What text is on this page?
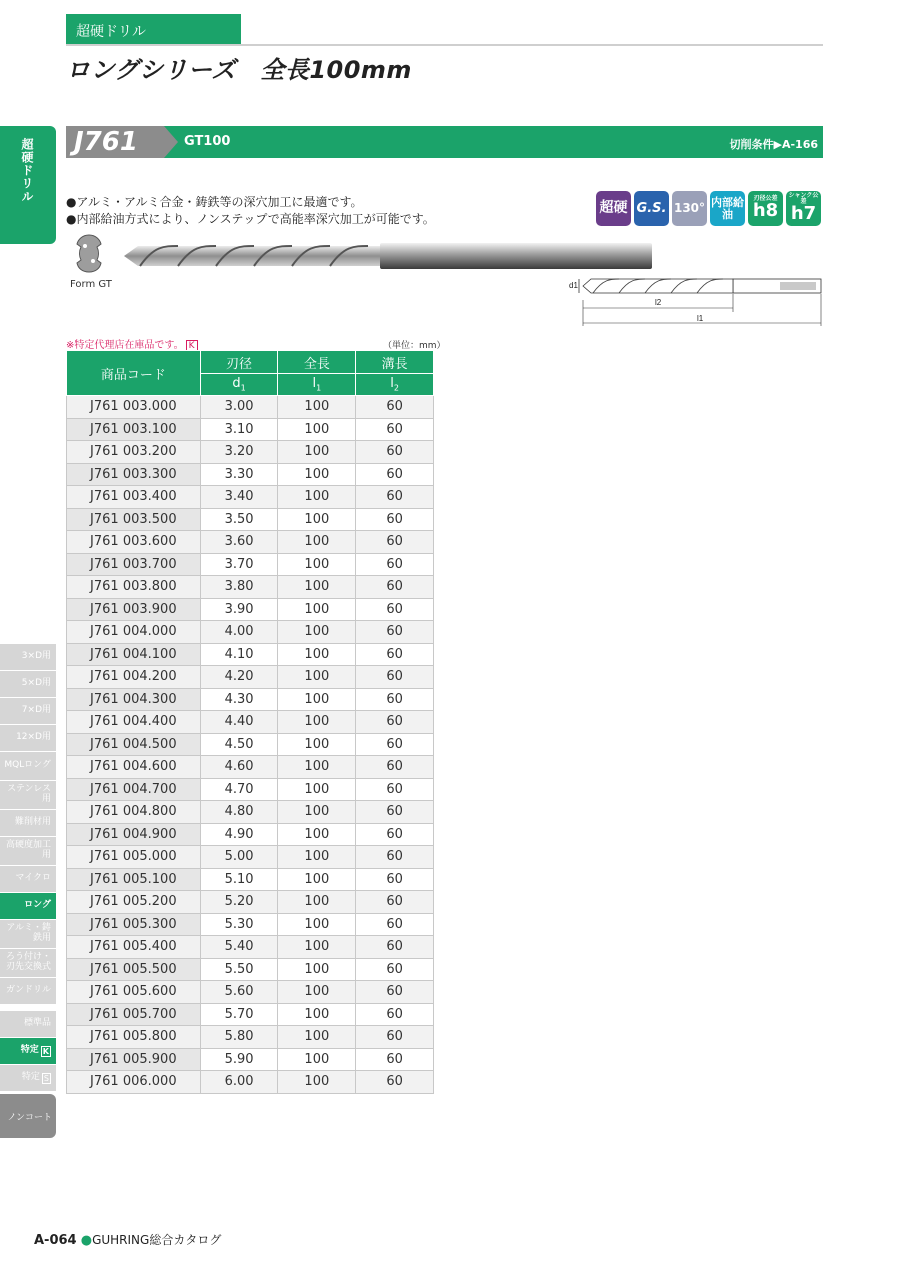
超硬ドリル
ロングシリーズ　全長100mm
超硬ドリル	J761	GT100	切削条件▶A-166
●アルミ・アルミ合金・鋳鉄等の深穴加工に最適です。
●内部給油方式により、ノンステップで高能率深穴加工が可能です。
超硬 G.S. 130° 内部給油
刃径公差
h8
シャンク公差
h7
Form GT	d1
l2
l1
※特定代理店在庫品です。 K	（単位：mm）
商品コード	刃径	全長	溝長
	$d_1$	$l_1$	$l_2$
J761 003.000	3.00	100	60
J761 003.100	3.10	100	60
J761 003.200	3.20	100	60
J761 003.300	3.30	100	60
J761 003.400	3.40	100	60
J761 003.500	3.50	100	60
J761 003.600	3.60	100	60
J761 003.700	3.70	100	60
J761 003.800	3.80	100	60
J761 003.900	3.90	100	60
J761 004.000	4.00	100	60
J761 004.100	4.10	100	60
J761 004.200	4.20	100	60
J761 004.300	4.30	100	60
J761 004.400	4.40	100	60
J761 004.500	4.50	100	60
J761 004.600	4.60	100	60
J761 004.700	4.70	100	60
J761 004.800	4.80	100	60
J761 004.900	4.90	100	60
J761 005.000	5.00	100	60
J761 005.100	5.10	100	60
J761 005.200	5.20	100	60
J761 005.300	5.30	100	60
J761 005.400	5.40	100	60
J761 005.500	5.50	100	60
J761 005.600	5.60	100	60
J761 005.700	5.70	100	60
J761 005.800	5.80	100	60
J761 005.900	5.90	100	60
J761 006.000	6.00	100	60
3×D用
5×D用
7×D用
12×D用
MQLロング
ステンレス用
難削材用
高硬度加工用
マイクロ
ロング
アルミ・鋳鉄用
ろう付け・刃先交換式
ガンドリル
標準品
特定 K
特定 S
ノンコート
A-064 ●GUHRING総合カタログ
